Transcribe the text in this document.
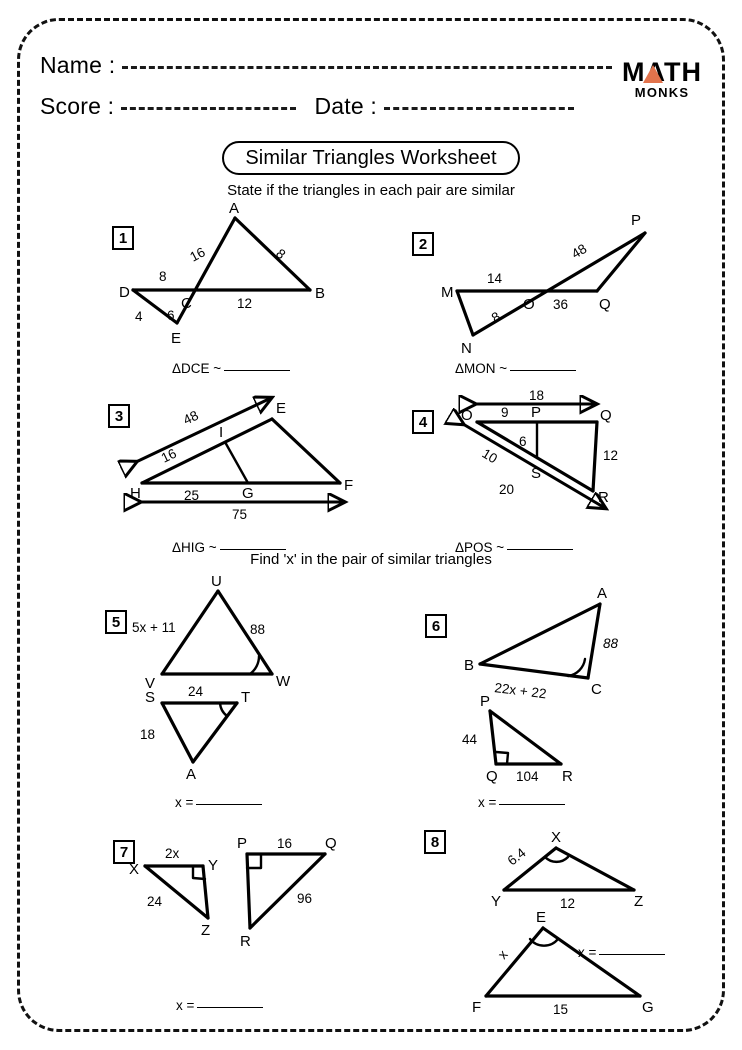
Name :
Score :	Date :
MATH
MONKS
Similar Triangles Worksheet
State if the triangles in each pair are similar
Find 'x' in the pair of similar triangles
1
A
D
C
B
E
16	8
8
4 6
12
ΔDCE ~
2
P
M
O	Q
N
48
14
8
36
ΔMON ~
3	E
H	G	F
I
48
16
25
75
ΔHIG ~
4	O	P	Q
S
R
18
9
6
10
20
12
ΔPOS ~
5
U
V	W
5x + 11	88
S	T
A
24
18
x =
6
A
B
C
88
22x + 22
P
Q	R
44
104
x =
7
X	Y
Z
2x
24
P	Q
R
16
96
x =
8	X
Y	Z
6.4
12
E
F	G
x
15
x =
